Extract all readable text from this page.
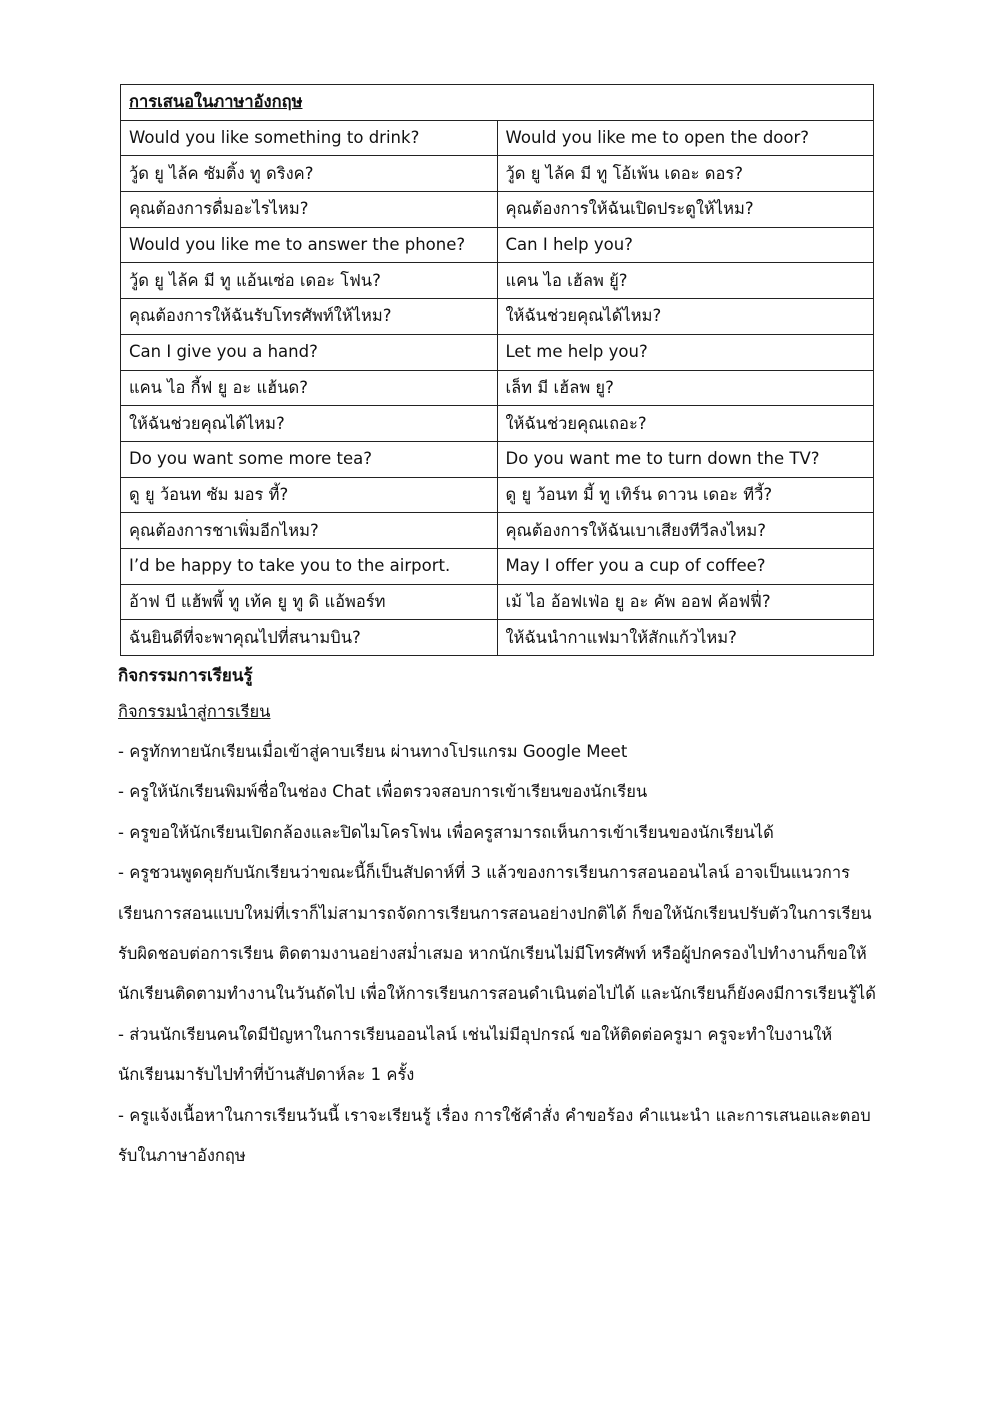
การเสนอในภาษาอังกฤษ	
Would you like something to drink?	Would you like me to open the door?
วู้ด ยู ไล้ค ซัมติ้ง ทู ดริงค?	วู้ด ยู ไล้ค มี ทู โอ้เพ้น เดอะ ดอร?
คุณต้องการดื่มอะไรไหม?	คุณต้องการให้ฉันเปิดประตูให้ไหม?
Would you like me to answer the phone?	Can I help you?
วู้ด ยู ไล้ค มี ทู แอ้นเซ่อ เดอะ โฟน?	แคน ไอ เฮ้ลพ ยู้?
คุณต้องการให้ฉันรับโทรศัพท์ให้ไหม?	ให้ฉันช่วยคุณได้ไหม?
Can I give you a hand?	Let me help you?
แคน ไอ กี้ฟ ยู อะ แฮ้นด?	เล็ท มี เฮ้ลพ ยู?
ให้ฉันช่วยคุณได้ไหม?	ให้ฉันช่วยคุณเถอะ?
Do you want some more tea?	Do you want me to turn down the TV?
ดู ยู ว้อนท ซัม มอร ที้?	ดู ยู ว้อนท มี้ ทู เทิร์น ดาวน เดอะ ทีวี้?
คุณต้องการชาเพิ่มอีกไหม?	คุณต้องการให้ฉันเบาเสียงทีวีลงไหม?
I’d be happy to take you to the airport.	May I offer you a cup of coffee?
อ้าฟ บี แฮ้พพี้ ทู เท้ค ยู ทู ดิ แอ้พอร์ท	เม้ ไอ อ้อฟเฟ่อ ยู อะ คัพ ออฟ ค้อฟฟี่?
ฉันยินดีที่จะพาคุณไปที่สนามบิน?	ให้ฉันนำกาแฟมาให้สักแก้วไหม?

กิจกรรมการเรียนรู้

กิจกรรมนำสู่การเรียน

- ครูทักทายนักเรียนเมื่อเข้าสู่คาบเรียน ผ่านทางโปรแกรม Google Meet
- ครูให้นักเรียนพิมพ์ชื่อในช่อง Chat เพื่อตรวจสอบการเข้าเรียนของนักเรียน
- ครูขอให้นักเรียนเปิดกล้องและปิดไมโครโฟน เพื่อครูสามารถเห็นการเข้าเรียนของนักเรียนได้
- ครูชวนพูดคุยกับนักเรียนว่าขณะนี้ก็เป็นสัปดาห์ที่ 3 แล้วของการเรียนการสอนออนไลน์ อาจเป็นแนวการ
เรียนการสอนแบบใหม่ที่เราก็ไม่สามารถจัดการเรียนการสอนอย่างปกติได้ ก็ขอให้นักเรียนปรับตัวในการเรียน
รับผิดชอบต่อการเรียน ติดตามงานอย่างสม่ำเสมอ หากนักเรียนไม่มีโทรศัพท์ หรือผู้ปกครองไปทำงานก็ขอให้
นักเรียนติดตามทำงานในวันถัดไป เพื่อให้การเรียนการสอนดำเนินต่อไปได้ และนักเรียนก็ยังคงมีการเรียนรู้ได้
- ส่วนนักเรียนคนใดมีปัญหาในการเรียนออนไลน์ เช่นไม่มีอุปกรณ์ ขอให้ติดต่อครูมา ครูจะทำใบงานให้
นักเรียนมารับไปทำที่บ้านสัปดาห์ละ 1 ครั้ง
- ครูแจ้งเนื้อหาในการเรียนวันนี้ เราจะเรียนรู้ เรื่อง การใช้คำสั่ง คำขอร้อง คำแนะนำ และการเสนอและตอบ
รับในภาษาอังกฤษ
